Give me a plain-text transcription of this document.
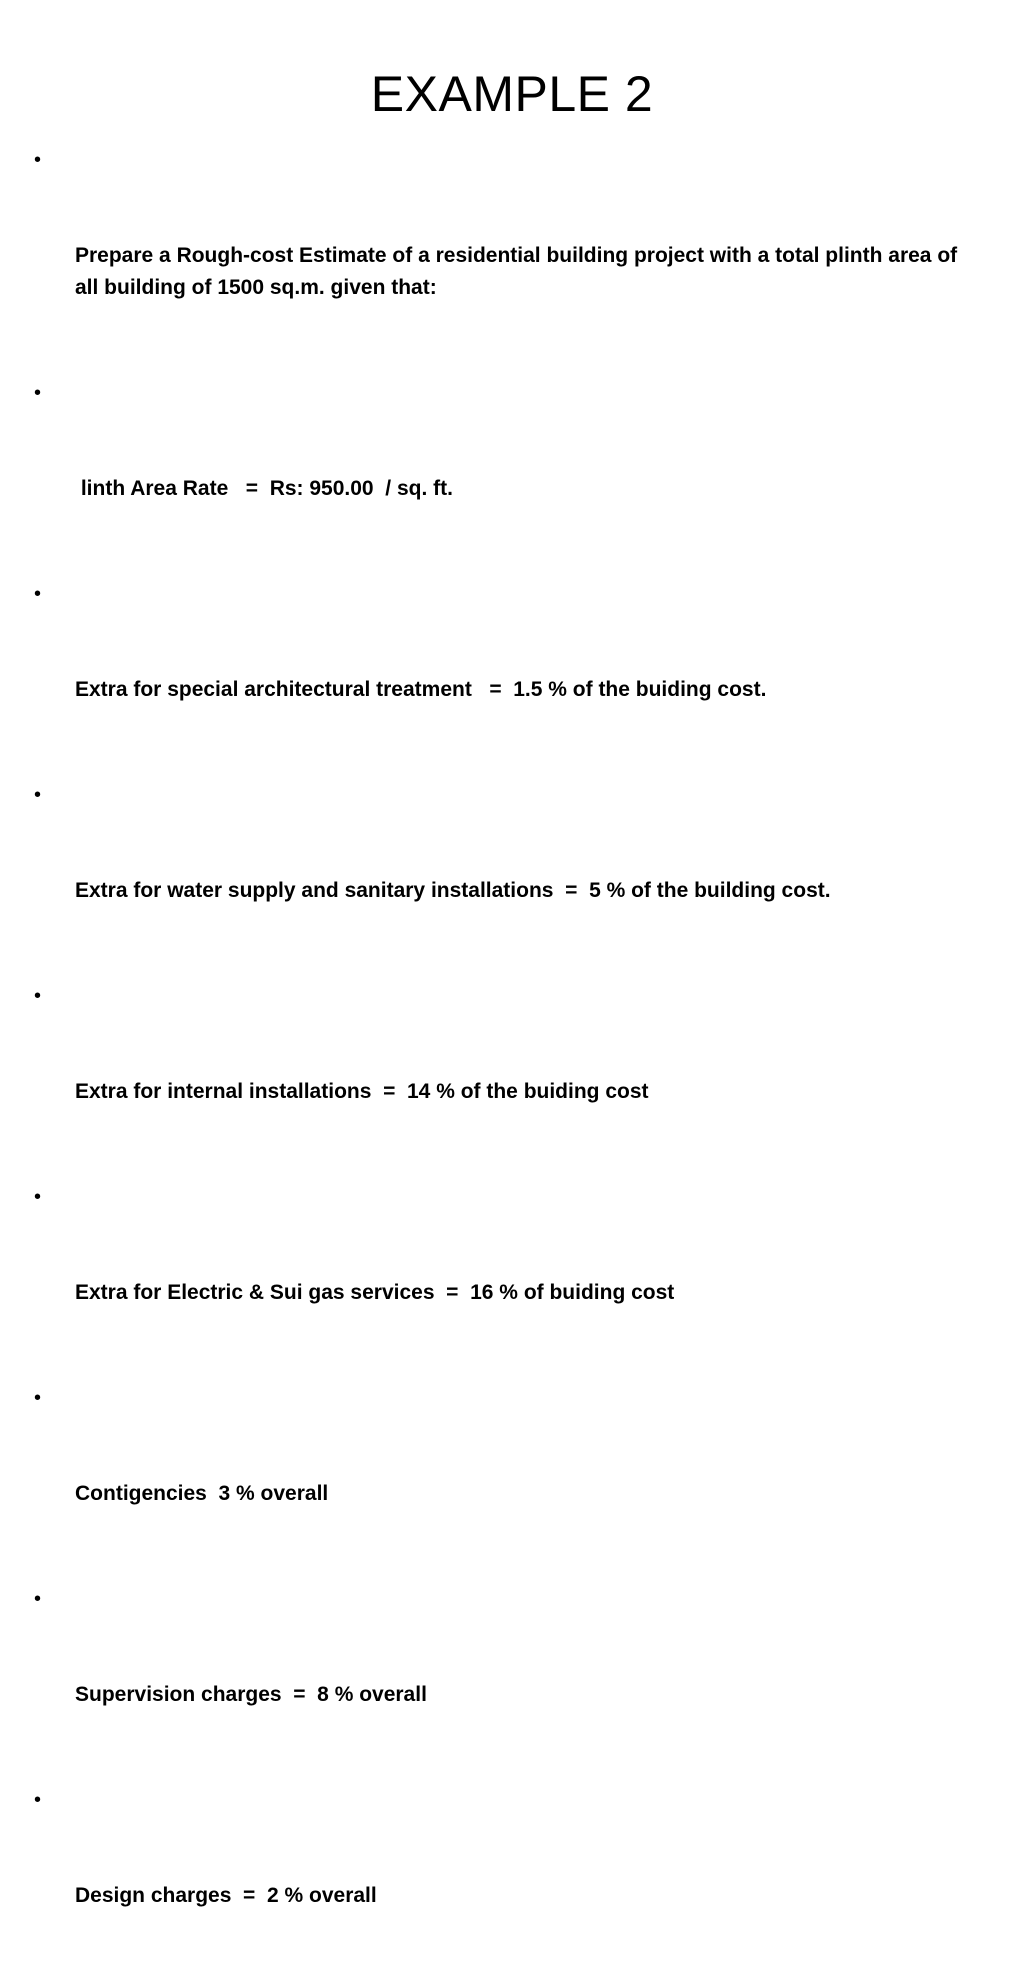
EXAMPLE 2

•

Prepare a Rough-cost Estimate of a residential building project with a total plinth area of all building of 1500 sq.m. given that:

•

linth Area Rate   =  Rs: 950.00  / sq. ft.

•

Extra for special architectural treatment   =  1.5 % of the buiding cost.

•

Extra for water supply and sanitary installations  =  5 % of the building cost.

•

Extra for internal installations  =  14 % of the buiding cost

•

Extra for Electric & Sui gas services  =  16 % of buiding cost

•

Contigencies  3 % overall

•

Supervision charges  =  8 % overall

•

Design charges  =  2 % overall
